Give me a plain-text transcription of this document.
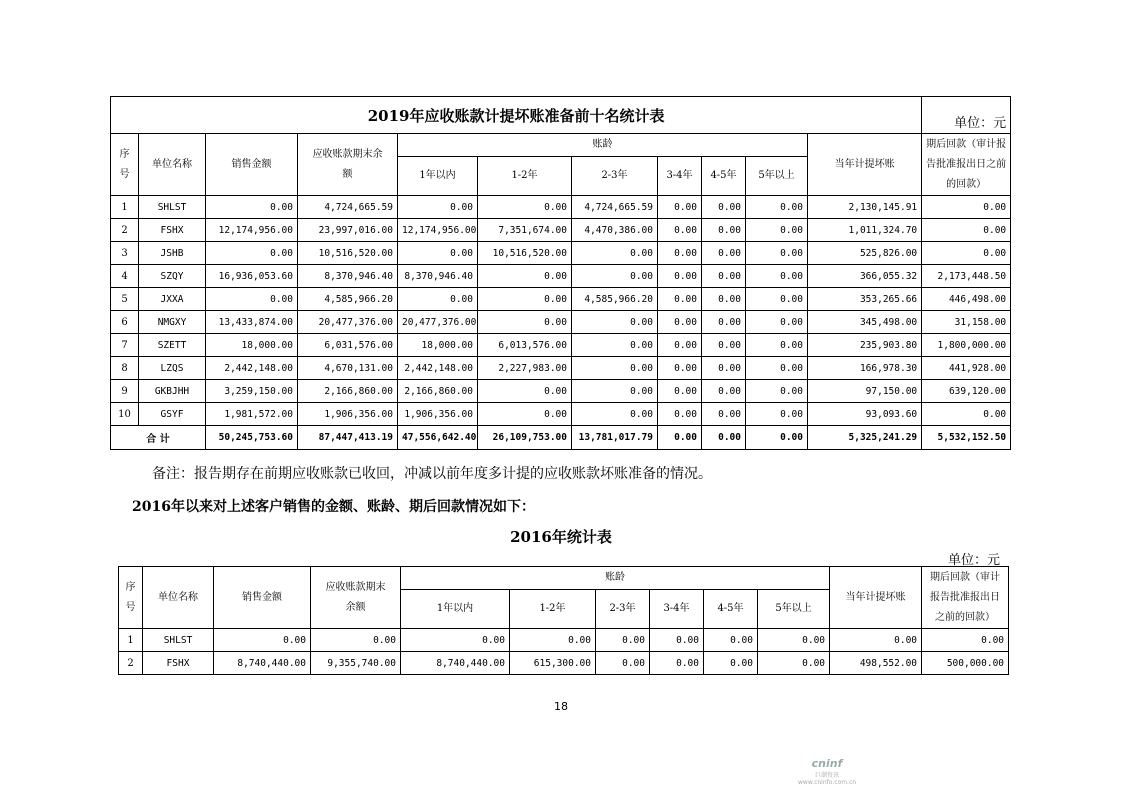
2019年应收账款计提坏账准备前十名统计表											单位：元
序号	单位名称	销售金额	应收账款期末余额	账龄						当年计提坏账	期后回款（审计报告批准报出日之前的回款）
				1年以内	1-2年	2-3年	3-4年	4-5年	5年以上		
1	SHLST	0.00	4,724,665.59	0.00	0.00	4,724,665.59	0.00	0.00	0.00	2,130,145.91	0.00
2	FSHX	12,174,956.00	23,997,016.00	12,174,956.00	7,351,674.00	4,470,386.00	0.00	0.00	0.00	1,011,324.70	0.00
3	JSHB	0.00	10,516,520.00	0.00	10,516,520.00	0.00	0.00	0.00	0.00	525,826.00	0.00
4	SZQY	16,936,053.60	8,370,946.40	8,370,946.40	0.00	0.00	0.00	0.00	0.00	366,055.32	2,173,448.50
5	JXXA	0.00	4,585,966.20	0.00	0.00	4,585,966.20	0.00	0.00	0.00	353,265.66	446,498.00
6	NMGXY	13,433,874.00	20,477,376.00	20,477,376.00	0.00	0.00	0.00	0.00	0.00	345,498.00	31,158.00
7	SZETT	18,000.00	6,031,576.00	18,000.00	6,013,576.00	0.00	0.00	0.00	0.00	235,903.80	1,800,000.00
8	LZQS	2,442,148.00	4,670,131.00	2,442,148.00	2,227,983.00	0.00	0.00	0.00	0.00	166,978.30	441,928.00
9	GKBJHH	3,259,150.00	2,166,860.00	2,166,860.00	0.00	0.00	0.00	0.00	0.00	97,150.00	639,120.00
10	GSYF	1,981,572.00	1,906,356.00	1,906,356.00	0.00	0.00	0.00	0.00	0.00	93,093.60	0.00
合 计		50,245,753.60	87,447,413.19	47,556,642.40	26,109,753.00	13,781,017.79	0.00	0.00	0.00	5,325,241.29	5,532,152.50
备注：报告期存在前期应收账款已收回，冲减以前年度多计提的应收账款坏账准备的情况。
2016年以来对上述客户销售的金额、账龄、期后回款情况如下：
2016年统计表
单位：元
序号	单位名称	销售金额	应收账款期末余额	账龄						当年计提坏账	期后回款（审计报告批准报出日之前的回款）
				1年以内	1-2年	2-3年	3-4年	4-5年	5年以上		
1	SHLST	0.00	0.00	0.00	0.00	0.00	0.00	0.00	0.00	0.00	0.00
2	FSHX	8,740,440.00	9,355,740.00	8,740,440.00	615,300.00	0.00	0.00	0.00	0.00	498,552.00	500,000.00
18
cninf
巨潮资讯
www.cninfo.com.cn
